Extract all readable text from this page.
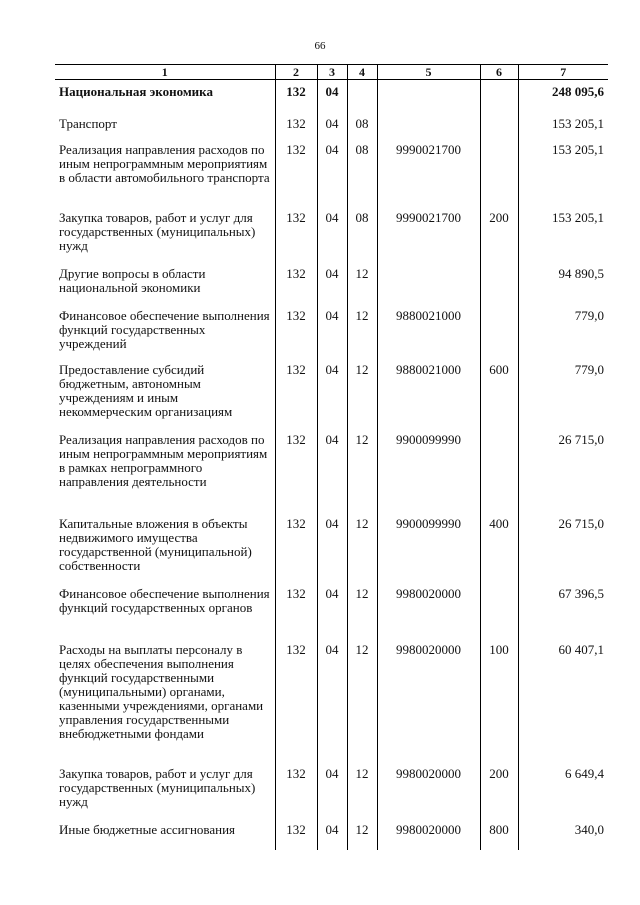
66
1	2	3	4	5	6	7
Национальная экономика	132	04				248 095,6
Транспорт	132	04	08			153 205,1
Реализация направления расходов по иным непрограммным мероприятиям в области автомобильного транспорта	132	04	08	9990021700		153 205,1
Закупка товаров, работ и услуг для государственных (муниципальных) нужд	132	04	08	9990021700	200	153 205,1
Другие вопросы в области национальной экономики	132	04	12			94 890,5
Финансовое обеспечение выполнения функций государственных учреждений	132	04	12	9880021000		779,0
Предоставление субсидий бюджетным, автономным учреждениям и иным некоммерческим организациям	132	04	12	9880021000	600	779,0
Реализация направления расходов по иным непрограммным мероприятиям в рамках непрограммного направления деятельности	132	04	12	9900099990		26 715,0
Капитальные вложения в объекты недвижимого имущества государственной (муниципальной) собственности	132	04	12	9900099990	400	26 715,0
Финансовое обеспечение выполнения функций государственных органов	132	04	12	9980020000		67 396,5
Расходы на выплаты персоналу в целях обеспечения выполнения функций государственными (муниципальными) органами, казенными учреждениями, органами управления государственными внебюджетными фондами	132	04	12	9980020000	100	60 407,1
Закупка товаров, работ и услуг для государственных (муниципальных) нужд	132	04	12	9980020000	200	6 649,4
Иные бюджетные ассигнования	132	04	12	9980020000	800	340,0
